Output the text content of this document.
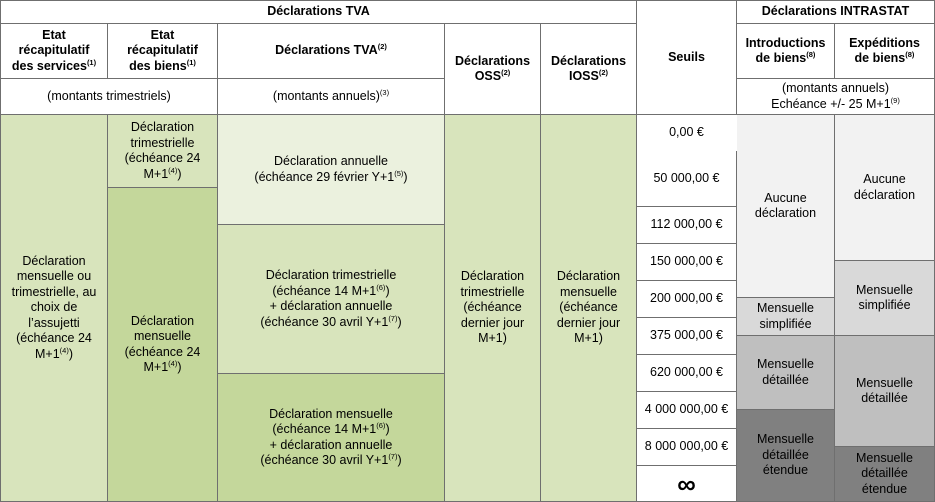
Déclarations TVA
Seuils
Déclarations INTRASTAT
Etat
récapitulatif
des services$^{(1)}$
Etat
récapitulatif
des biens$^{(1)}$
Déclarations TVA$^{(2)}$
Déclarations
OSS$^{(2)}$
Déclarations
IOSS$^{(2)}$
Introductions
de biens$^{(8)}$
Expéditions
de biens$^{(8)}$
(montants trimestriels)	(montants annuels)$^{(3)}$	(montants annuels)
Echéance +/- 25 $M+1^{(9)}$
Déclaration
mensuelle ou
trimestrielle, au
choix de
l’assujetti
(échéance 24
$M+1^{(4)}$)
Déclaration
trimestrielle
(échéance 24
$M+1^{(4)}$)
Déclaration
mensuelle
(échéance 24
$M+1^{(4)}$)
Déclaration annuelle
(échéance 29 février $Y+1^{(5)}$)
Déclaration trimestrielle
(échéance 14 $M+1^{(6)}$)
+ déclaration annuelle
(échéance 30 avril $Y+1^{(7)}$)
Déclaration mensuelle
(échéance 14 $M+1^{(6)}$)
+ déclaration annuelle
(échéance 30 avril $Y+1^{(7)}$)
Déclaration
trimestrielle
(échéance
dernier jour
M+1)
Déclaration
mensuelle
(échéance
dernier jour
M+1)
0,00 €
50 000,00 €
112 000,00 €
150 000,00 €
200 000,00 €
375 000,00 €
620 000,00 €
4 000 000,00 €
8 000 000,00 €
∞
Aucune
déclaration
Mensuelle
simplifiée
Mensuelle
détaillée
Mensuelle
détaillée
étendue
Aucune
déclaration
Mensuelle
simplifiée
Mensuelle
détaillée
Mensuelle
détaillée
étendue
